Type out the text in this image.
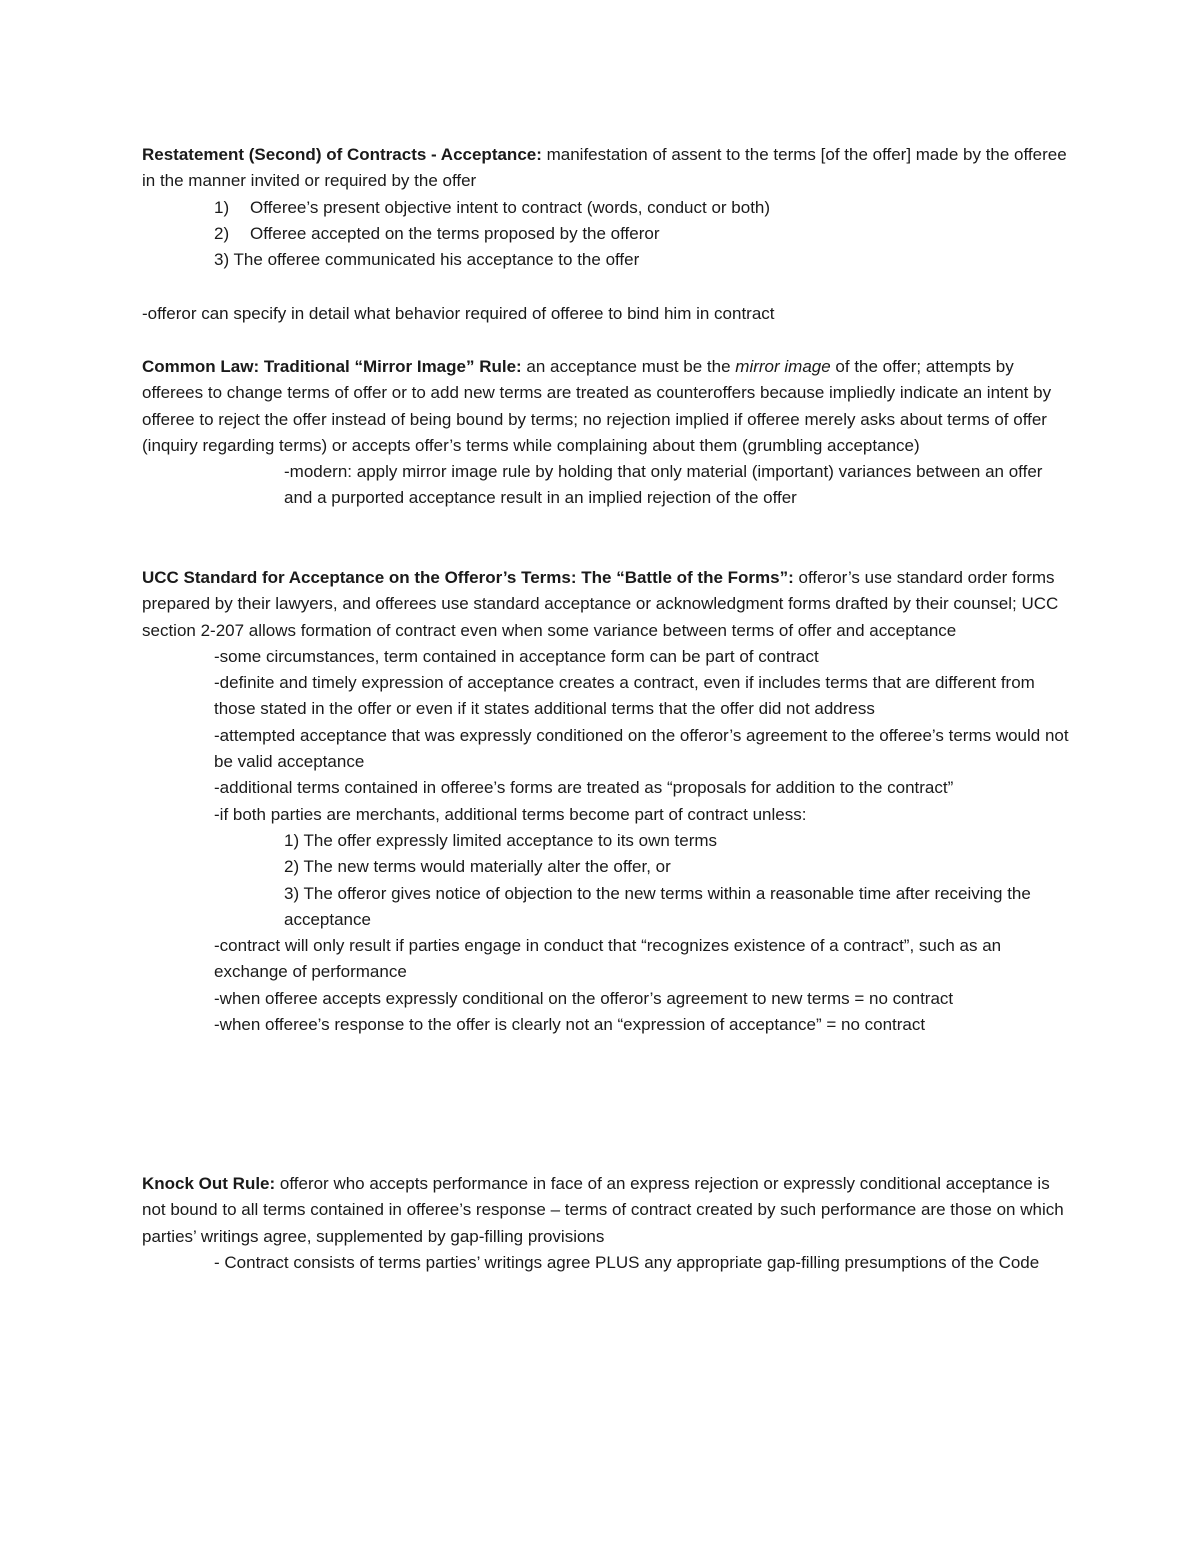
Restatement (Second) of Contracts - Acceptance: manifestation of assent to the terms [of the offer] made by the offeree in the manner invited or required by the offer

1) Offeree’s present objective intent to contract (words, conduct or both)

2) Offeree accepted on the terms proposed by the offeror

3) The offeree communicated his acceptance to the offer

-offeror can specify in detail what behavior required of offeree to bind him in contract

Common Law: Traditional “Mirror Image” Rule: an acceptance must be the mirror image of the offer; attempts by offerees to change terms of offer or to add new terms are treated as counteroffers because impliedly indicate an intent by offeree to reject the offer instead of being bound by terms; no rejection implied if offeree merely asks about terms of offer (inquiry regarding terms) or accepts offer’s terms while complaining about them (grumbling acceptance)

-modern: apply mirror image rule by holding that only material (important) variances between an offer and a purported acceptance result in an implied rejection of the offer

UCC Standard for Acceptance on the Offeror’s Terms: The “Battle of the Forms”: offeror’s use standard order forms prepared by their lawyers, and offerees use standard acceptance or acknowledgment forms drafted by their counsel; UCC section 2-207 allows formation of contract even when some variance between terms of offer and acceptance

-some circumstances, term contained in acceptance form can be part of contract

-definite and timely expression of acceptance creates a contract, even if includes terms that are different from those stated in the offer or even if it states additional terms that the offer did not address

-attempted acceptance that was expressly conditioned on the offeror’s agreement to the offeree’s terms would not be valid acceptance

-additional terms contained in offeree’s forms are treated as “proposals for addition to the contract”

-if both parties are merchants, additional terms become part of contract unless:

1) The offer expressly limited acceptance to its own terms

2) The new terms would materially alter the offer, or

3) The offeror gives notice of objection to the new terms within a reasonable time after receiving the acceptance

-contract will only result if parties engage in conduct that “recognizes existence of a contract”, such as an exchange of performance

-when offeree accepts expressly conditional on the offeror’s agreement to new terms = no contract

-when offeree’s response to the offer is clearly not an “expression of acceptance” = no contract

Knock Out Rule: offeror who accepts performance in face of an express rejection or expressly conditional acceptance is not bound to all terms contained in offeree’s response – terms of contract created by such performance are those on which parties’ writings agree, supplemented by gap-filling provisions

- Contract consists of terms parties’ writings agree PLUS any appropriate gap-filling presumptions of the Code
